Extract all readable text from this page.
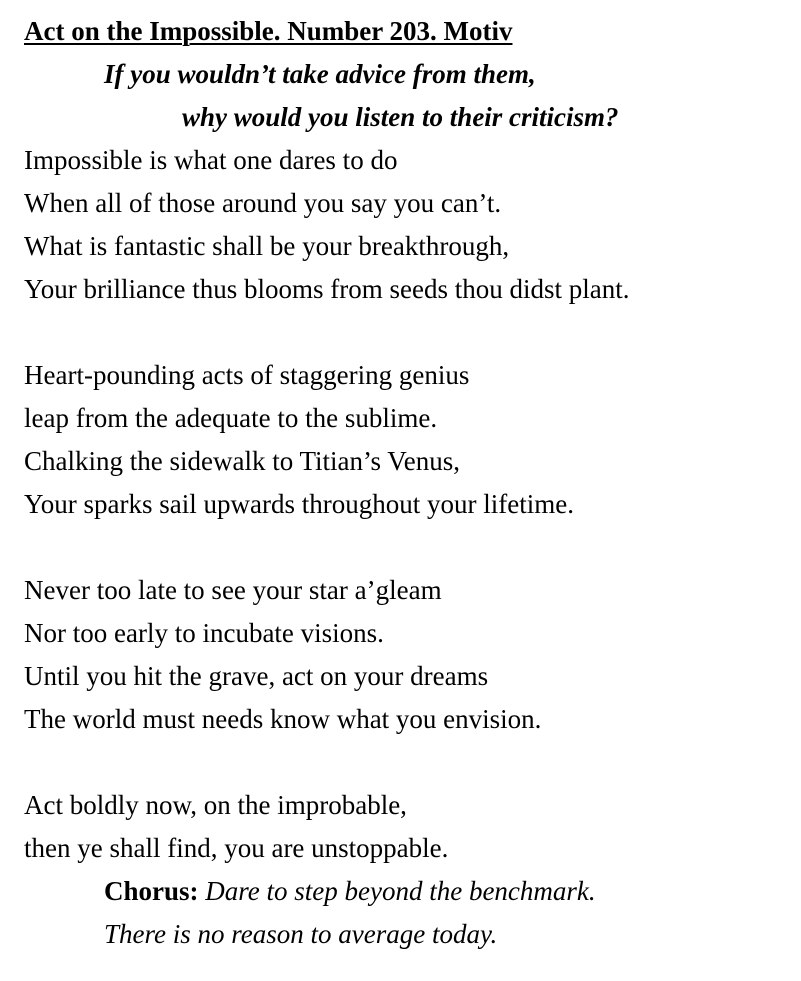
Act on the Impossible. Number 203. Motiv
If you wouldn’t take advice from them,
why would you listen to their criticism?
Impossible is what one dares to do
When all of those around you say you can’t.
What is fantastic shall be your breakthrough,
Your brilliance thus blooms from seeds thou didst plant.
Heart-pounding acts of staggering genius
leap from the adequate to the sublime.
Chalking the sidewalk to Titian’s Venus,
Your sparks sail upwards throughout your lifetime.
Never too late to see your star a’gleam
Nor too early to incubate visions.
Until you hit the grave, act on your dreams
The world must needs know what you envision.
Act boldly now, on the improbable,
then ye shall find, you are unstoppable.
Chorus: Dare to step beyond the benchmark.
There is no reason to average today.
